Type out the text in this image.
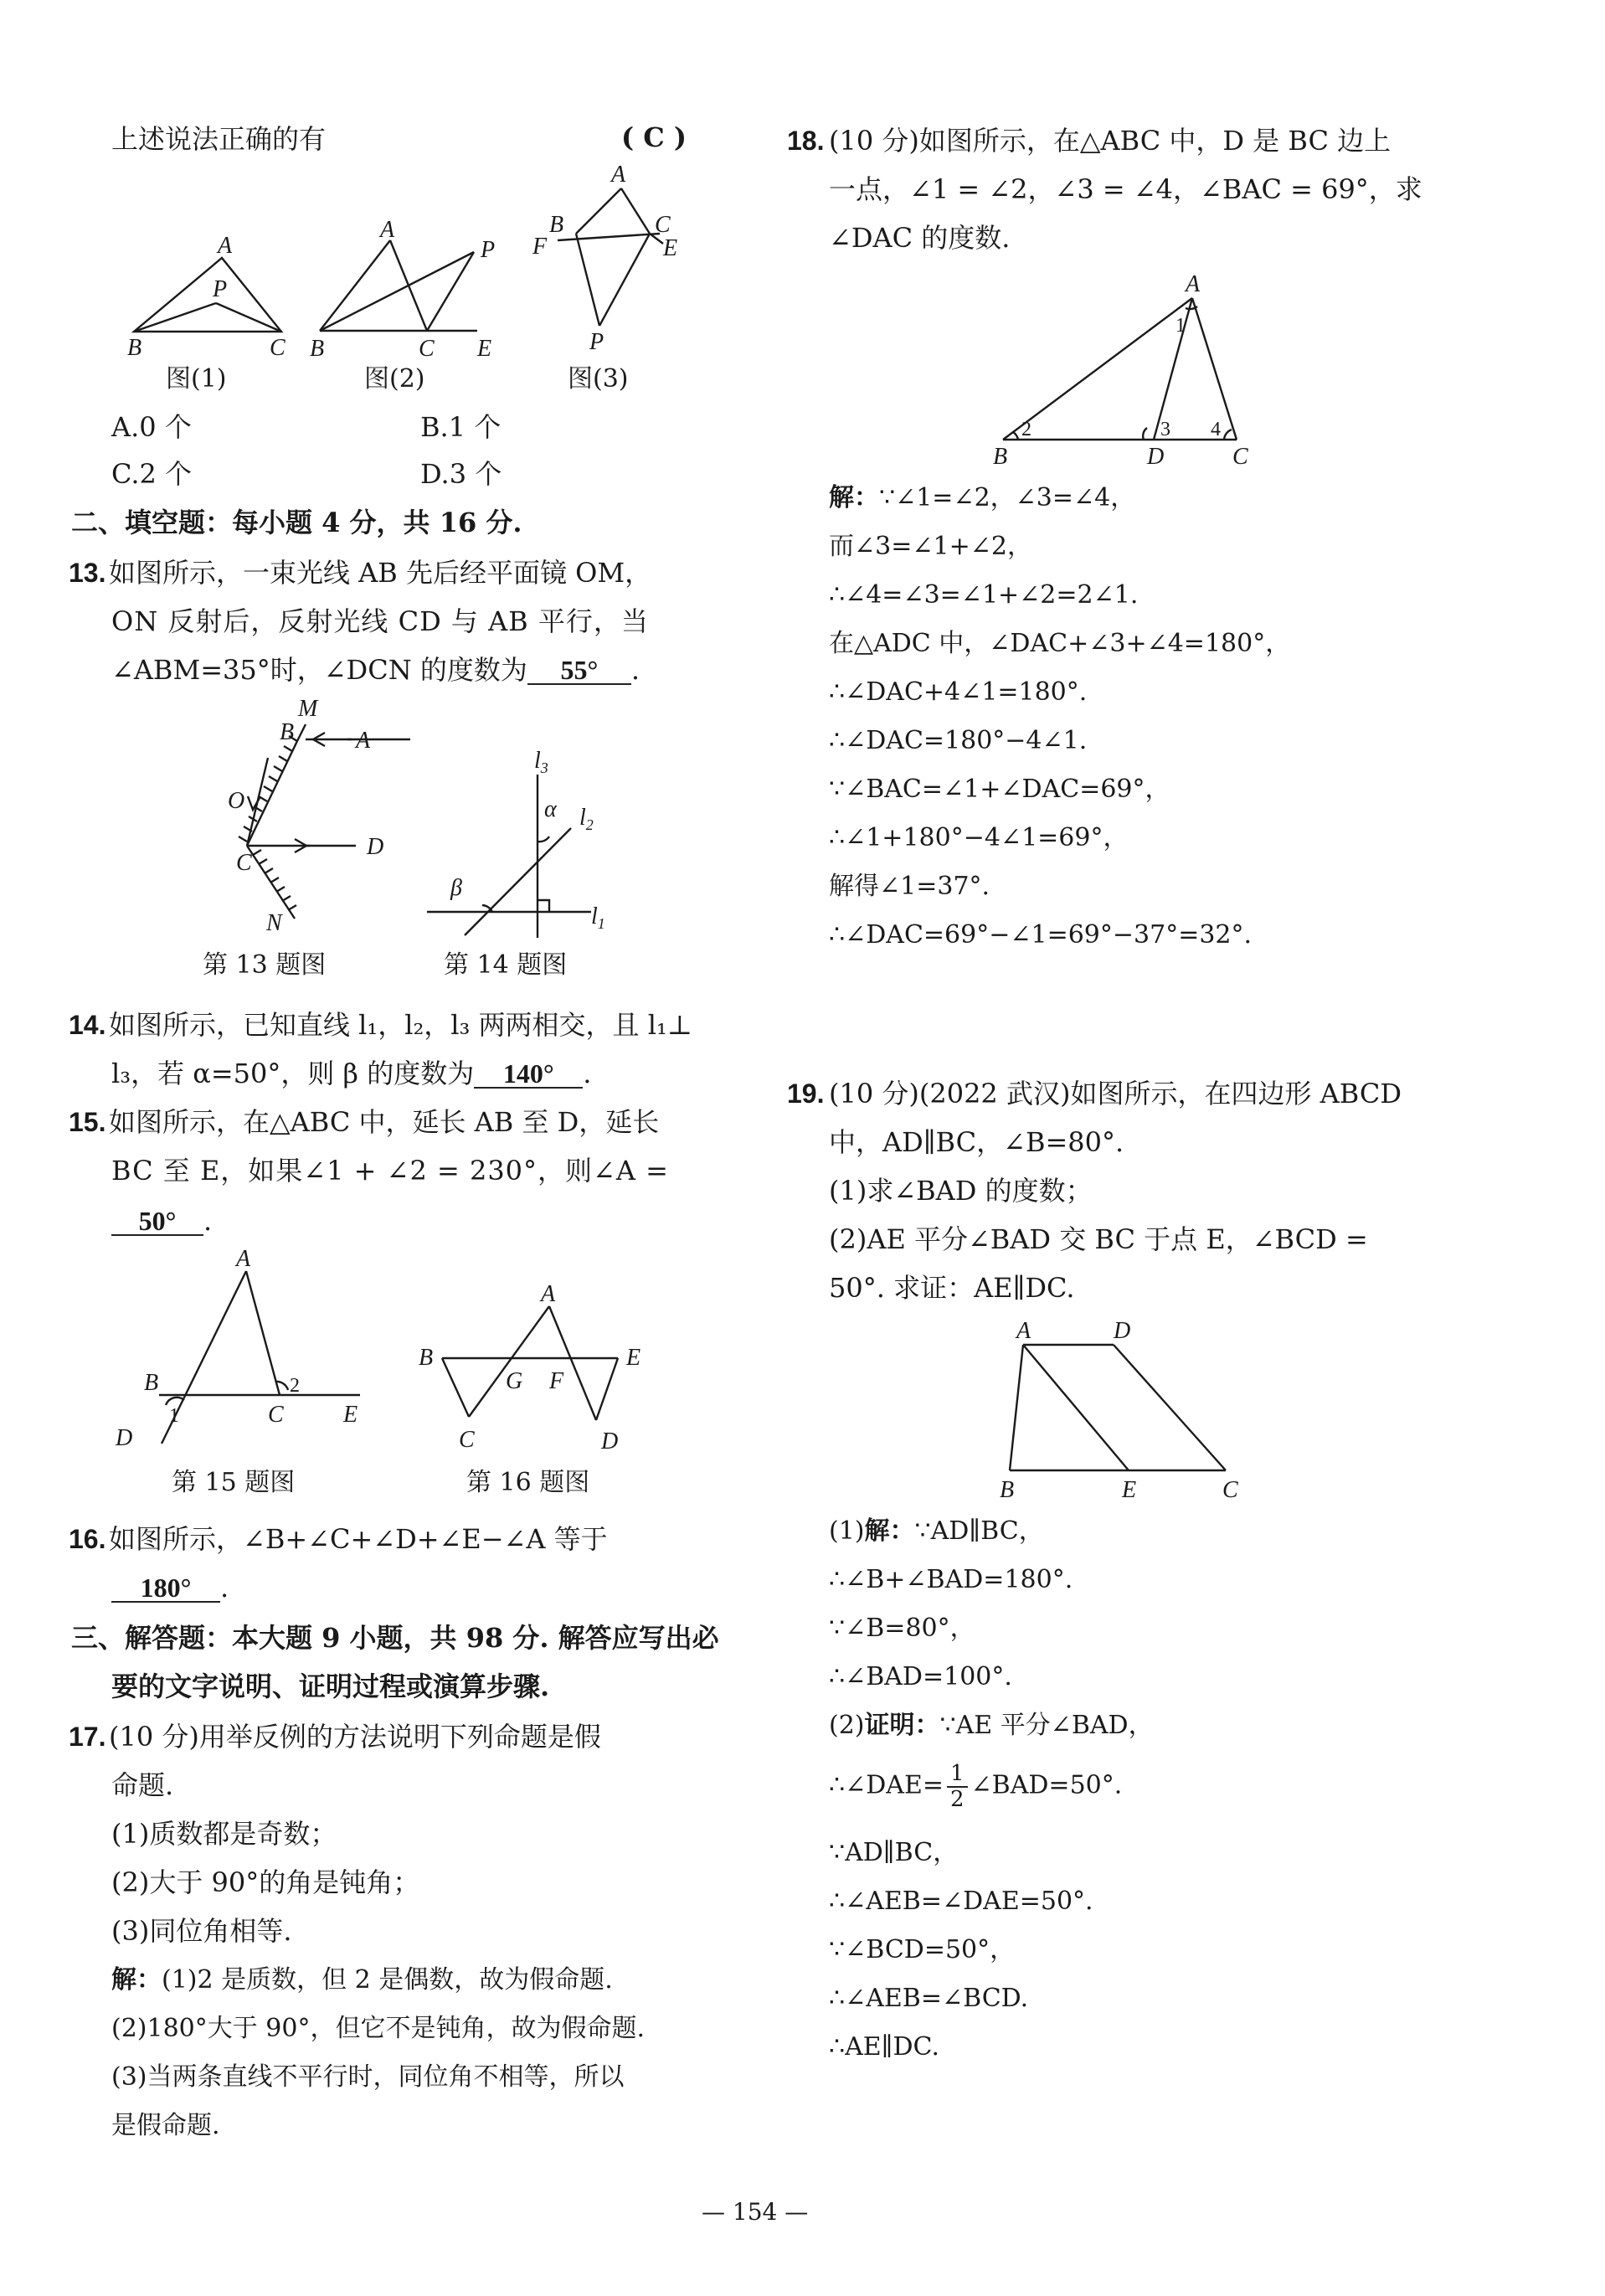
上述说法正确的有	( C )
A
P
B	C
A
P
B	C E
A
B
F
C
E
P
图(1)	图(2)	图(3)
A.0 个	B.1 个
C.2 个	D.3 个
二、填空题：每小题 4 分，共 16 分.
13. 如图所示，一束光线 AB 先后经平面镜 OM，
ON 反射后，反射光线 CD 与 AB 平行，当
∠ABM=35°时，∠DCN 的度数为 55° .
B
M
A
O
C
D
N
$l_3$
$l_2$
$l_1$
α
β
第 13 题图	第 14 题图
14. 如图所示，已知直线 l₁，l₂，l₃ 两两相交，且 l₁⊥
l₃，若 α=50°，则 β 的度数为 140° .
15. 如图所示，在△ABC 中，延长 AB 至 D，延长
BC 至 E，如果∠1 + ∠2 = 230°，则∠A =
50° .
A
B
C	E
D
1
2
A
B	E
G F
C	D
第 15 题图	第 16 题图
16. 如图所示，∠B+∠C+∠D+∠E−∠A 等于
180° .
三、解答题：本大题 9 小题，共 98 分. 解答应写出必
要的文字说明、证明过程或演算步骤.
17. (10 分)用举反例的方法说明下列命题是假
命题.
(1)质数都是奇数；
(2)大于 90°的角是钝角；
(3)同位角相等.
解：(1)2 是质数，但 2 是偶数，故为假命题.
(2)180°大于 90°，但它不是钝角，故为假命题.
(3)当两条直线不平行时，同位角不相等，所以
是假命题.
18. (10 分)如图所示，在△ABC 中，D 是 BC 边上
一点，∠1 = ∠2，∠3 = ∠4，∠BAC = 69°，求
∠DAC 的度数.
A
B	D	C
1
2	3 4
解：∵∠1=∠2，∠3=∠4，
而∠3=∠1+∠2，
∴∠4=∠3=∠1+∠2=2∠1.
在△ADC 中，∠DAC+∠3+∠4=180°，
∴∠DAC+4∠1=180°.
∴∠DAC=180°−4∠1.
∵∠BAC=∠1+∠DAC=69°，
∴∠1+180°−4∠1=69°，
解得∠1=37°.
∴∠DAC=69°−∠1=69°−37°=32°.
19. (10 分)(2022 武汉)如图所示，在四边形 ABCD
中，AD∥BC，∠B=80°.
(1)求∠BAD 的度数；
(2)AE 平分∠BAD 交 BC 于点 E，∠BCD =
50°. 求证：AE∥DC.
A	D
B	E	C
(1)解：∵AD∥BC，
∴∠B+∠BAD=180°.
∵∠B=80°，
∴∠BAD=100°.
(2)证明：∵AE 平分∠BAD，
∴∠DAE= $\frac{1}{2}$ ∠BAD=50°.
∵AD∥BC，
∴∠AEB=∠DAE=50°.
∵∠BCD=50°，
∴∠AEB=∠BCD.
∴AE∥DC.
— 154 —
